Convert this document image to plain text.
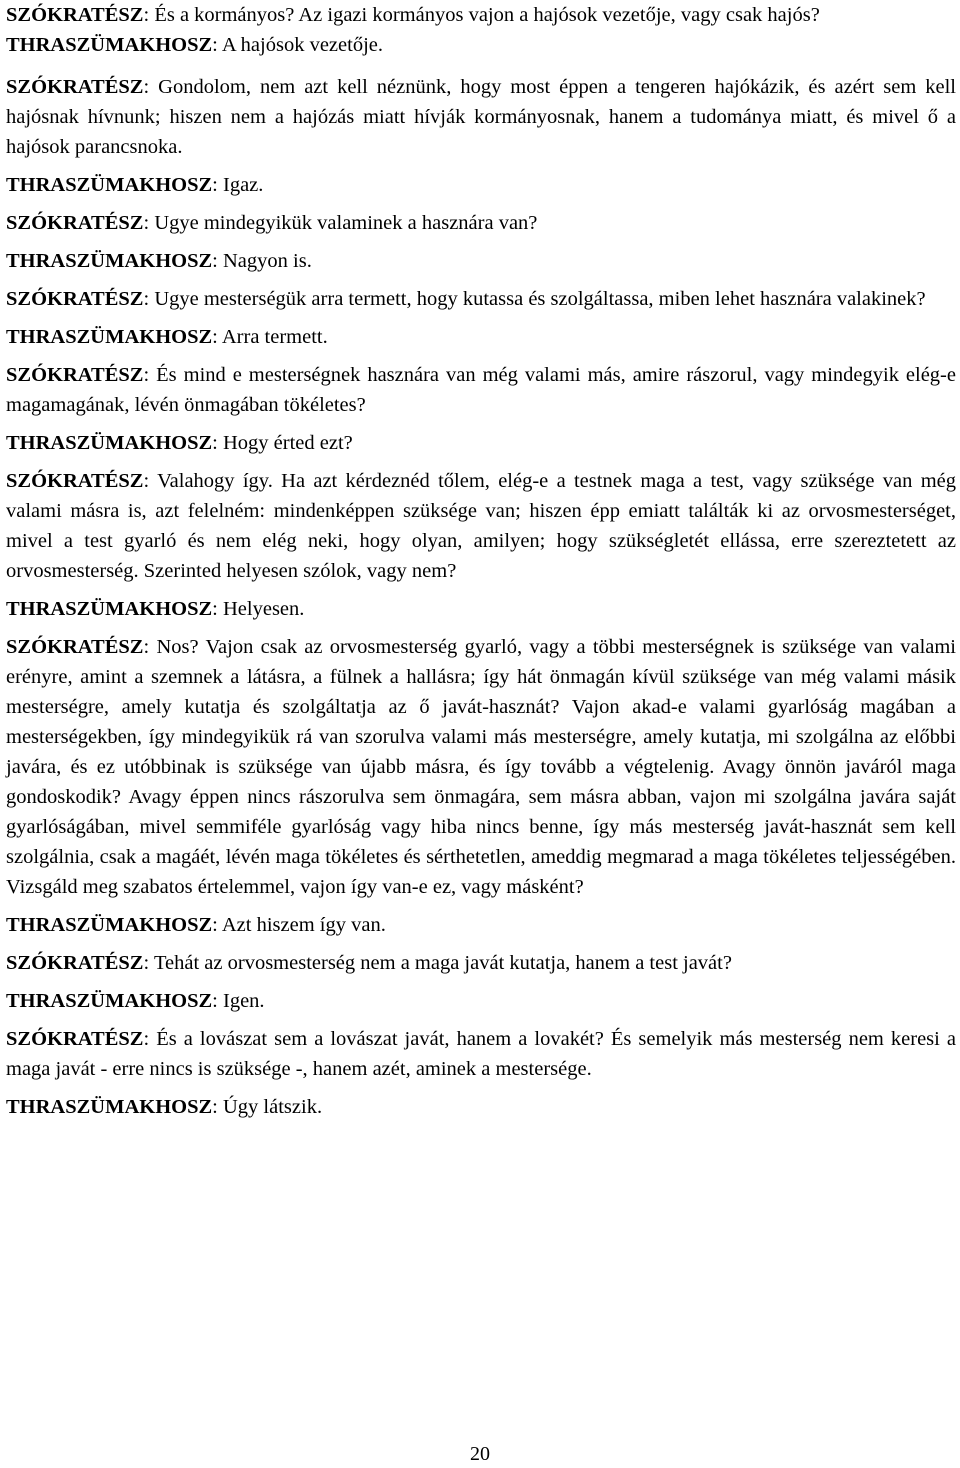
SZÓKRATÉSZ: És a kormányos? Az igazi kormányos vajon a hajósok vezetője, vagy csak hajós?

THRASZÜMAKHOSZ: A hajósok vezetője.

SZÓKRATÉSZ: Gondolom, nem azt kell néznünk, hogy most éppen a tengeren hajókázik, és azért sem kell hajósnak hívnunk; hiszen nem a hajózás miatt hívják kormányosnak, hanem a tudománya miatt, és mivel ő a hajósok parancsnoka.

THRASZÜMAKHOSZ: Igaz.

SZÓKRATÉSZ: Ugye mindegyikük valaminek a hasznára van?

THRASZÜMAKHOSZ: Nagyon is.

SZÓKRATÉSZ: Ugye mesterségük arra termett, hogy kutassa és szolgáltassa, miben lehet hasznára valakinek?

THRASZÜMAKHOSZ: Arra termett.

SZÓKRATÉSZ: És mind e mesterségnek hasznára van még valami más, amire rászorul, vagy mindegyik elég-e magamagának, lévén önmagában tökéletes?

THRASZÜMAKHOSZ: Hogy érted ezt?

SZÓKRATÉSZ: Valahogy így. Ha azt kérdeznéd tőlem, elég-e a testnek maga a test, vagy szüksége van még valami másra is, azt felelném: mindenképpen szüksége van; hiszen épp emiatt találták ki az orvosmesterséget, mivel a test gyarló és nem elég neki, hogy olyan, amilyen; hogy szükségletét ellássa, erre szereztetett az orvosmesterség. Szerinted helyesen szólok, vagy nem?

THRASZÜMAKHOSZ: Helyesen.

SZÓKRATÉSZ: Nos? Vajon csak az orvosmesterség gyarló, vagy a többi mesterségnek is szüksége van valami erényre, amint a szemnek a látásra, a fülnek a hallásra; így hát önmagán kívül szüksége van még valami másik mesterségre, amely kutatja és szolgáltatja az ő javát-hasznát? Vajon akad-e valami gyarlóság magában a mesterségekben, így mindegyikük rá van szorulva valami más mesterségre, amely kutatja, mi szolgálna az előbbi javára, és ez utóbbinak is szüksége van újabb másra, és így tovább a végtelenig. Avagy önnön javáról maga gondoskodik? Avagy éppen nincs rászorulva sem önmagára, sem másra abban, vajon mi szolgálna javára saját gyarlóságában, mivel semmiféle gyarlóság vagy hiba nincs benne, így más mesterség javát-hasznát sem kell szolgálnia, csak a magáét, lévén maga tökéletes és sérthetetlen, ameddig megmarad a maga tökéletes teljességében. Vizsgáld meg szabatos értelemmel, vajon így van-e ez, vagy másként?

THRASZÜMAKHOSZ: Azt hiszem így van.

SZÓKRATÉSZ: Tehát az orvosmesterség nem a maga javát kutatja, hanem a test javát?

THRASZÜMAKHOSZ: Igen.

SZÓKRATÉSZ: És a lovászat sem a lovászat javát, hanem a lovakét? És semelyik más mesterség nem keresi a maga javát - erre nincs is szüksége -, hanem azét, aminek a mestersége.

THRASZÜMAKHOSZ: Úgy látszik.

20
